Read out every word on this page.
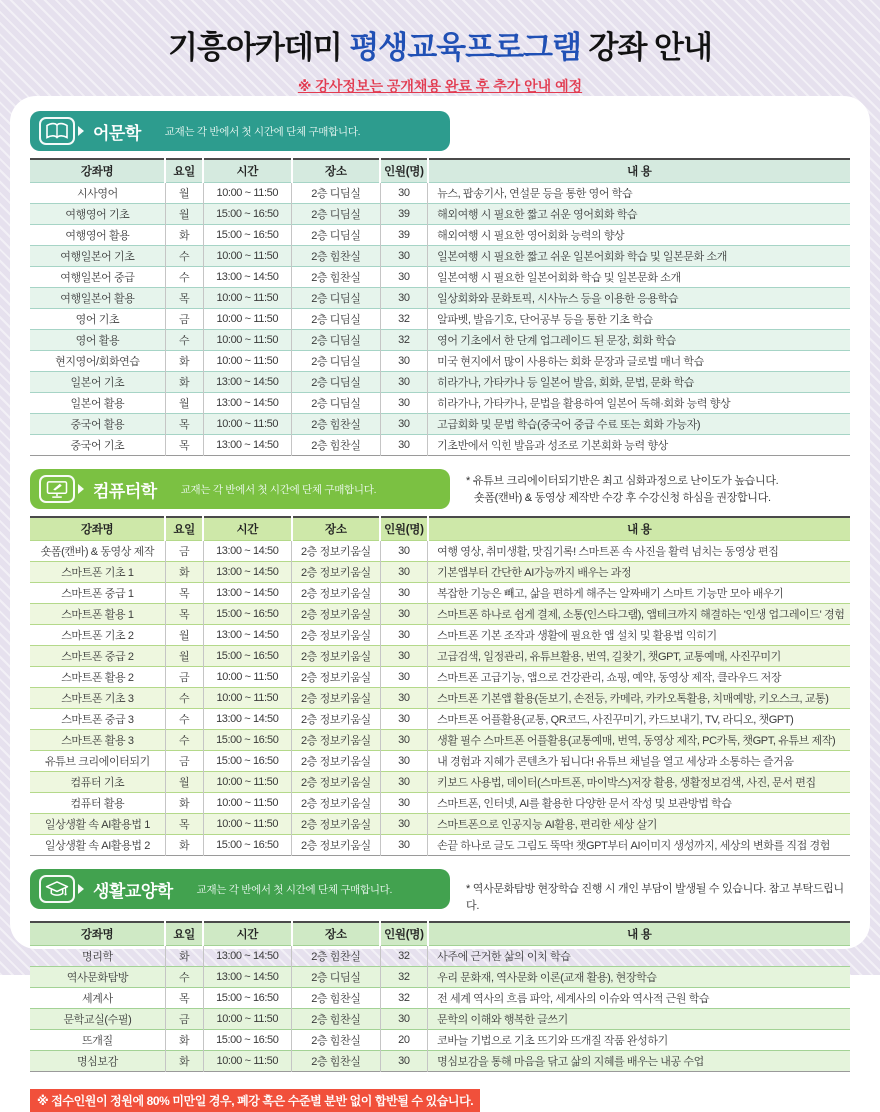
기흥아카데미 평생교육프로그램 강좌 안내
※ 강사정보는 공개채용 완료 후 추가 안내 예정
어문학 교재는 각 반에서 첫 시간에 단체 구매합니다.
강좌명	요일	시간	장소	인원(명)	내 용
시사영어	월	10:00 ~ 11:50	2층 디딤실	30	뉴스, 팝송기사, 연설문 등을 통한 영어 학습
여행영어 기초	월	15:00 ~ 16:50	2층 디딤실	39	해외여행 시 필요한 짧고 쉬운 영어회화 학습
여행영어 활용	화	15:00 ~ 16:50	2층 디딤실	39	해외여행 시 필요한 영어회화 능력의 향상
여행일본어 기초	수	10:00 ~ 11:50	2층 힘찬실	30	일본여행 시 필요한 짧고 쉬운 일본어회화 학습 및 일본문화 소개
여행일본어 중급	수	13:00 ~ 14:50	2층 힘찬실	30	일본여행 시 필요한 일본어회화 학습 및 일본문화 소개
여행일본어 활용	목	10:00 ~ 11:50	2층 디딤실	30	일상회화와 문화토픽, 시사뉴스 등을 이용한 응용학습
영어 기초	금	10:00 ~ 11:50	2층 디딤실	32	알파벳, 발음기호, 단어공부 등을 통한 기초 학습
영어 활용	수	10:00 ~ 11:50	2층 디딤실	32	영어 기초에서 한 단계 업그레이드 된 문장, 회화 학습
현지영어/회화연습	화	10:00 ~ 11:50	2층 디딤실	30	미국 현지에서 많이 사용하는 회화 문장과 글로벌 매너 학습
일본어 기초	화	13:00 ~ 14:50	2층 디딤실	30	히라가나, 가타카나 등 일본어 발음, 회화, 문법, 문화 학습
일본어 활용	월	13:00 ~ 14:50	2층 디딤실	30	히라가나, 가타카나, 문법을 활용하여 일본어 독해·회화 능력 향상
중국어 활용	목	10:00 ~ 11:50	2층 힘찬실	30	고급회화 및 문법 학습(중국어 중급 수료 또는 회화 가능자)
중국어 기초	목	13:00 ~ 14:50	2층 힘찬실	30	기초반에서 익힌 발음과 성조로 기본회화 능력 향상
컴퓨터학 교재는 각 반에서 첫 시간에 단체 구매합니다.
* 유튜브 크리에이터되기반은 최고 심화과정으로 난이도가 높습니다.
숏폼(캔바) & 동영상 제작반 수강 후 수강신청 하심을 권장합니다.
강좌명	요일	시간	장소	인원(명)	내 용
숏폼(캔바) & 동영상 제작	금	13:00 ~ 14:50	2층 정보키움실	30	여행 영상, 취미생활, 맛집기록! 스마트폰 속 사진을 활력 넘치는 동영상 편집
스마트폰 기초 1	화	13:00 ~ 14:50	2층 정보키움실	30	기본앱부터 간단한 AI가능까지 배우는 과정
스마트폰 중급 1	목	13:00 ~ 14:50	2층 정보키움실	30	복잡한 기능은 빼고, 삶을 편하게 해주는 알짜배기 스마트 기능만 모아 배우기
스마트폰 활용 1	목	15:00 ~ 16:50	2층 정보키움실	30	스마트폰 하나로 쉽게 결제, 소통(인스타그램), 앱테크까지 해결하는 '인생 업그레이드' 경험
스마트폰 기초 2	월	13:00 ~ 14:50	2층 정보키움실	30	스마트폰 기본 조작과 생활에 필요한 앱 설치 및 활용법 익히기
스마트폰 중급 2	월	15:00 ~ 16:50	2층 정보키움실	30	고급검색, 일정관리, 유튜브활용, 번역, 길찾기, 챗GPT, 교통예매, 사진꾸미기
스마트폰 활용 2	금	10:00 ~ 11:50	2층 정보키움실	30	스마트폰 고급기능, 앱으로 건강관리, 쇼핑, 예약, 동영상 제작, 클라우드 저장
스마트폰 기초 3	수	10:00 ~ 11:50	2층 정보키움실	30	스마트폰 기본앱 활용(돋보기, 손전등, 카메라, 카카오톡활용, 치매예방, 키오스크, 교통)
스마트폰 중급 3	수	13:00 ~ 14:50	2층 정보키움실	30	스마트폰 어플활용(교통, QR코드, 사진꾸미기, 카드보내기, TV, 라디오, 챗GPT)
스마트폰 활용 3	수	15:00 ~ 16:50	2층 정보키움실	30	생활 필수 스마트폰 어플활용(교통예매, 번역, 동영상 제작, PC카톡, 챗GPT, 유튜브 제작)
유튜브 크리에이터되기	금	15:00 ~ 16:50	2층 정보키움실	30	내 경험과 지혜가 콘텐츠가 됩니다! 유튜브 채널을 열고 세상과 소통하는 즐거움
컴퓨터 기초	월	10:00 ~ 11:50	2층 정보키움실	30	키보드 사용법, 데이터(스마트폰, 마이박스)저장 활용, 생활정보검색, 사진, 문서 편집
컴퓨터 활용	화	10:00 ~ 11:50	2층 정보키움실	30	스마트폰, 인터넷, AI를 활용한 다양한 문서 작성 및 보관방법 학습
일상생활 속 AI활용법 1	목	10:00 ~ 11:50	2층 정보키움실	30	스마트폰으로 인공지능 AI활용, 편리한 세상 살기
일상생활 속 AI활용법 2	화	15:00 ~ 16:50	2층 정보키움실	30	손끝 하나로 글도 그림도 뚝딱! 챗GPT부터 AI이미지 생성까지, 세상의 변화를 직접 경험
생활교양학 교재는 각 반에서 첫 시간에 단체 구매합니다.	* 역사문화탐방 현장학습 진행 시 개인 부담이 발생될 수 있습니다. 참고 부탁드립니다.
강좌명	요일	시간	장소	인원(명)	내 용
명리학	화	13:00 ~ 14:50	2층 힘찬실	32	사주에 근거한 삶의 이치 학습
역사문화탐방	수	13:00 ~ 14:50	2층 디딤실	32	우리 문화재, 역사문화 이론(교재 활용), 현장학습
세계사	목	15:00 ~ 16:50	2층 힘찬실	32	전 세계 역사의 흐름 파악, 세계사의 이슈와 역사적 근원 학습
문학교실(수필)	금	10:00 ~ 11:50	2층 힘찬실	30	문학의 이해와 행복한 글쓰기
뜨개질	화	15:00 ~ 16:50	2층 힘찬실	20	코바늘 기법으로 기초 뜨기와 뜨개질 작품 완성하기
명심보감	화	10:00 ~ 11:50	2층 힘찬실	30	명심보감을 통해 마음을 닦고 삶의 지혜를 배우는 내공 수업
※ 접수인원이 정원에 80% 미만일 경우, 폐강 혹은 수준별 분반 없이 합반될 수 있습니다.
